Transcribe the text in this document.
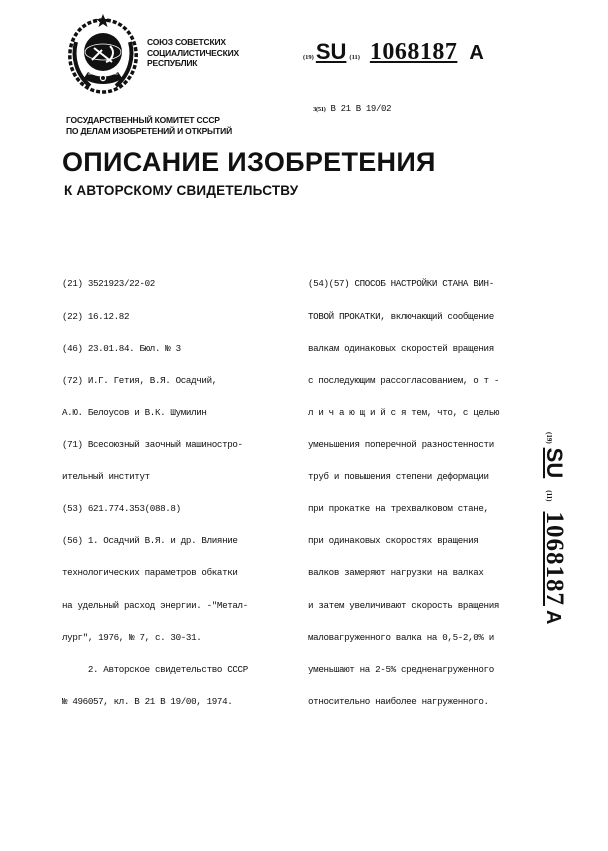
СОЮЗ СОВЕТСКИХ
СОЦИАЛИСТИЧЕСКИХ
РЕСПУБЛИК
(19) SU (11) 1068187 A

3(51) B 21 B 19/02

ГОСУДАРСТВЕННЫЙ КОМИТЕТ СССР
ПО ДЕЛАМ ИЗОБРЕТЕНИЙ И ОТКРЫТИЙ
ОПИСАНИЕ ИЗОБРЕТЕНИЯ
К АВТОРСКОМУ СВИДЕТЕЛЬСТВУ

(21) 3521923/22-02

(22) 16.12.82

(46) 23.01.84. Бюл. № 3

(72) И.Г. Гетия, В.Я. Осадчий,

А.Ю. Белоусов и В.К. Шумилин

(71) Всесоюзный заочный машиностро-

ительный институт

(53) 621.774.353(088.8)

(56) 1. Осадчий В.Я. и др. Влияние

технологических параметров обкатки

на удельный расход энергии. -"Метал-

лург", 1976, № 7, с. 30-31.

2. Авторское свидетельство СССР

№ 496057, кл. В 21 В 19/00, 1974.

(54)(57) СПОСОБ НАСТРОЙКИ СТАНА ВИН-

ТОВОЙ ПРОКАТКИ, включающий сообщение

валкам одинаковых скоростей вращения

с последующим рассогласованием, о т -

л и ч а ю щ и й с я тем, что, с целью

уменьшения поперечной разностенности

труб и повышения степени деформации

при прокатке на трехвалковом стане,

при одинаковых скоростях вращения

валков замеряют нагрузки на валках

и затем увеличивают скорость вращения

маловагруженного валка на 0,5-2,0% и

уменьшают на 2-5% средненагруженного

относительно наиболее нагруженного.

(19)
SU
(11)
1068187
A
